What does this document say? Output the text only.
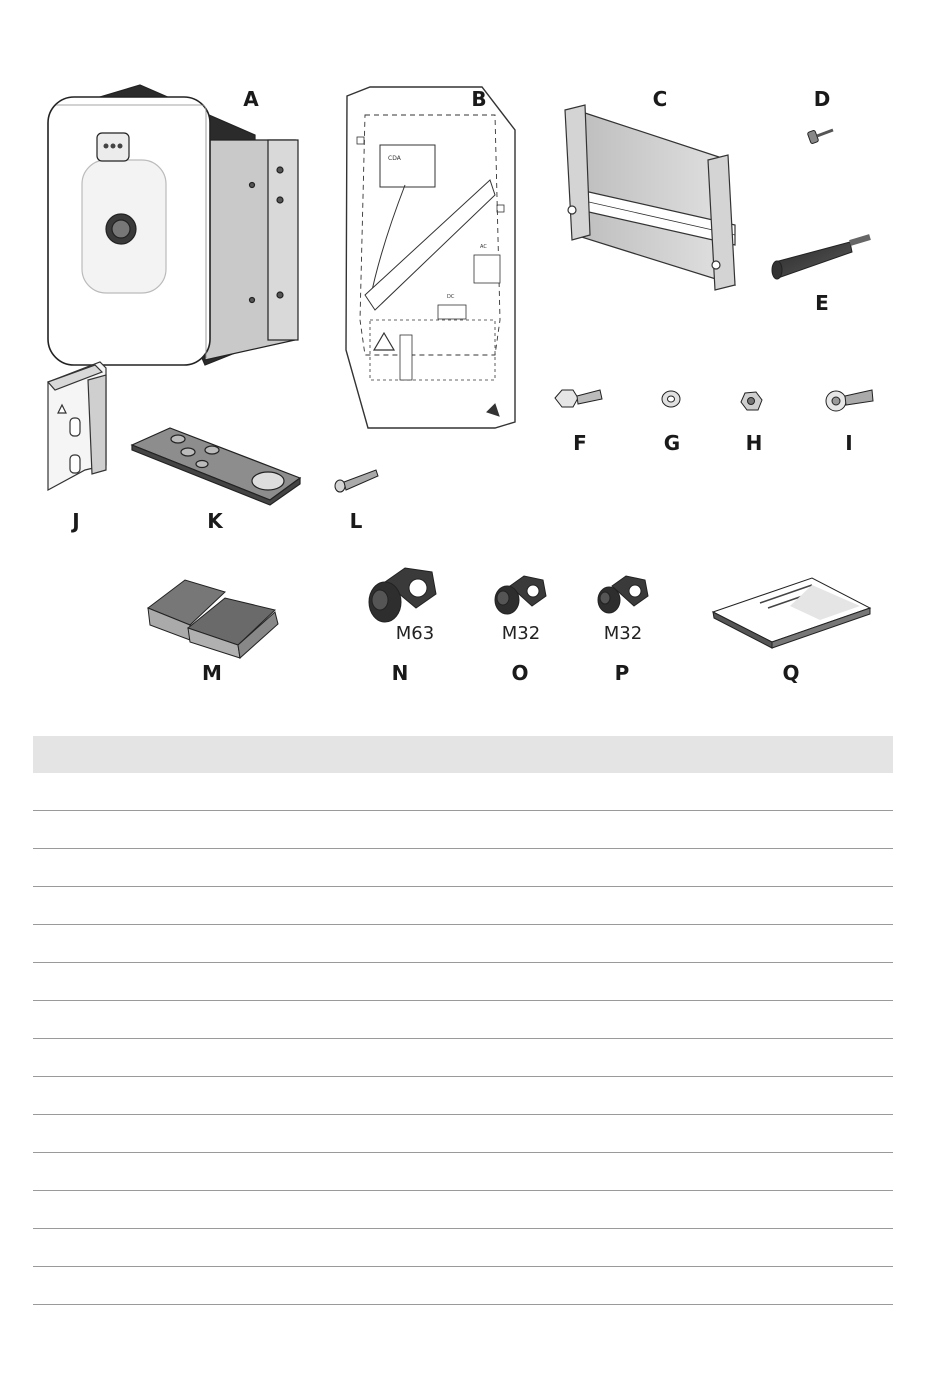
CDA
AC
DC
A	B	C	D
E
F	G	H	I
J	K	L
M	N	O	P	Q
M63	M32	M32
